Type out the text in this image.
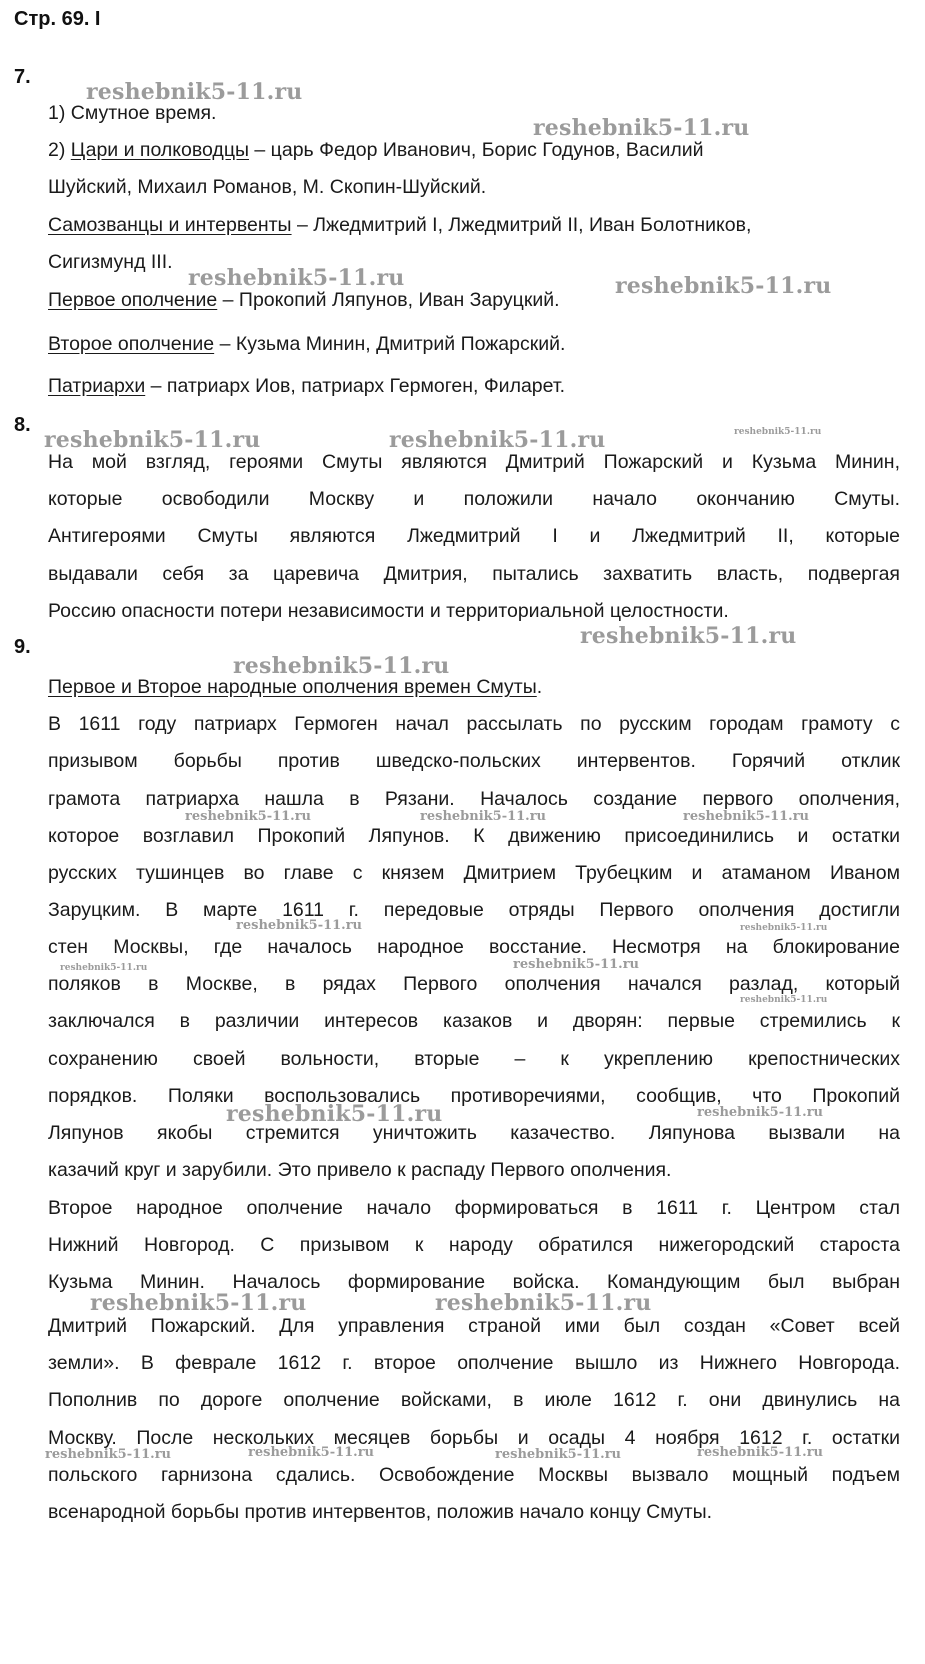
Стр. 69. I
7.
1) Смутное время.
2) Цари и полководцы – царь Федор Иванович, Борис Годунов, Василий
Шуйский, Михаил Романов, М. Скопин-Шуйский.
Самозванцы и интервенты – Лжедмитрий I, Лжедмитрий II, Иван Болотников,
Сигизмунд III.
Первое ополчение – Прокопий Ляпунов, Иван Заруцкий.
Второе ополчение – Кузьма Минин, Дмитрий Пожарский.
Патриархи – патриарх Иов, патриарх Гермоген, Филарет.
8.
На мой взгляд, героями Смуты являются Дмитрий Пожарский и Кузьма Минин,
которые освободили Москву и положили начало окончанию Смуты.
Антигероями Смуты являются Лжедмитрий I и Лжедмитрий II, которые
выдавали себя за царевича Дмитрия, пытались захватить власть, подвергая
Россию опасности потери независимости и территориальной целостности.
9.
Первое и Второе народные ополчения времен Смуты.
В 1611 году патриарх Гермоген начал рассылать по русским городам грамоту с
призывом борьбы против шведско-польских интервентов. Горячий отклик
грамота патриарха нашла в Рязани. Началось создание первого ополчения,
которое возглавил Прокопий Ляпунов. К движению присоединились и остатки
русских тушинцев во главе с князем Дмитрием Трубецким и атаманом Иваном
Заруцким. В марте 1611 г. передовые отряды Первого ополчения достигли
стен Москвы, где началось народное восстание. Несмотря на блокирование
поляков в Москве, в рядах Первого ополчения начался разлад, который
заключался в различии интересов казаков и дворян: первые стремились к
сохранению своей вольности, вторые – к укреплению крепостнических
порядков. Поляки воспользовались противоречиями, сообщив, что Прокопий
Ляпунов якобы стремится уничтожить казачество. Ляпунова вызвали на
казачий круг и зарубили. Это привело к распаду Первого ополчения.
Второе народное ополчение начало формироваться в 1611 г. Центром стал
Нижний Новгород. С призывом к народу обратился нижегородский староста
Кузьма Минин. Началось формирование войска. Командующим был выбран
Дмитрий Пожарский. Для управления страной ими был создан «Совет всей
земли». В феврале 1612 г. второе ополчение вышло из Нижнего Новгорода.
Пополнив по дороге ополчение войсками, в июле 1612 г. они двинулись на
Москву. После нескольких месяцев борьбы и осады 4 ноября 1612 г. остатки
польского гарнизона сдались. Освобождение Москвы вызвало мощный подъем
всенародной борьбы против интервентов, положив начало концу Смуты.
reshebnik5-11.ru
reshebnik5-11.ru
reshebnik5-11.ru	reshebnik5-11.ru
reshebnik5-11.ru	reshebnik5-11.ru	reshebnik5-11.ru
reshebnik5-11.ru
reshebnik5-11.ru
reshebnik5-11.ru	reshebnik5-11.ru	reshebnik5-11.ru
reshebnik5-11.ru	reshebnik5-11.ru
reshebnik5-11.ru
reshebnik5-11.ru
reshebnik5-11.ru
reshebnik5-11.ru	reshebnik5-11.ru
reshebnik5-11.ru	reshebnik5-11.ru
reshebnik5-11.ru	reshebnik5-11.ru	reshebnik5-11.ru	reshebnik5-11.ru
